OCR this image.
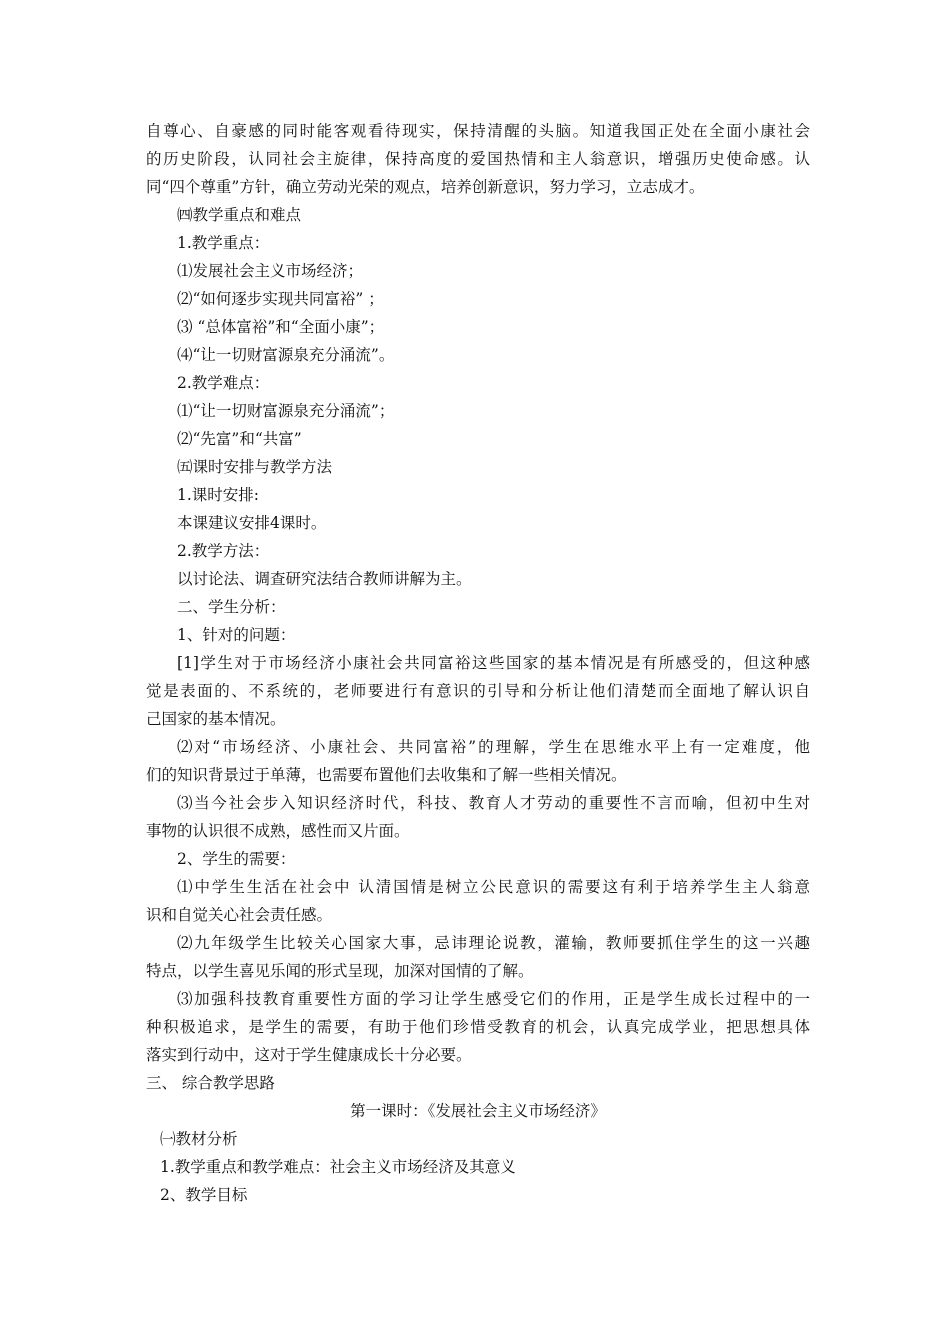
自尊心、自豪感的同时能客观看待现实，保持清醒的头脑。知道我国正处在全面小康社会
的历史阶段，认同社会主旋律，保持高度的爱国热情和主人翁意识，增强历史使命感。认
同“四个尊重”方针，确立劳动光荣的观点，培养创新意识，努力学习，立志成才。
㈣教学重点和难点
1.教学重点：
⑴发展社会主义市场经济；
⑵“如何逐步实现共同富裕” ；
⑶ “总体富裕”和“全面小康”；
⑷“让一切财富源泉充分涌流”。
2.教学难点：
⑴“让一切财富源泉充分涌流”；
⑵“先富”和“共富”
㈤课时安排与教学方法
1.课时安排:
本课建议安排4课时。
2.教学方法：
以讨论法、调查研究法结合教师讲解为主。
二、学生分析：
1、针对的问题：
[1]学生对于市场经济小康社会共同富裕这些国家的基本情况是有所感受的，但这种感
觉是表面的、不系统的，老师要进行有意识的引导和分析让他们清楚而全面地了解认识自
己国家的基本情况。
⑵对“市场经济、小康社会、共同富裕”的理解，学生在思维水平上有一定难度，他
们的知识背景过于单薄，也需要布置他们去收集和了解一些相关情况。
⑶当今社会步入知识经济时代，科技、教育人才劳动的重要性不言而喻，但初中生对
事物的认识很不成熟，感性而又片面。
2、学生的需要：
⑴中学生生活在社会中 认清国情是树立公民意识的需要这有利于培养学生主人翁意
识和自觉关心社会责任感。
⑵九年级学生比较关心国家大事，忌讳理论说教，灌输，教师要抓住学生的这一兴趣
特点，以学生喜见乐闻的形式呈现，加深对国情的了解。
⑶加强科技教育重要性方面的学习让学生感受它们的作用，正是学生成长过程中的一
种积极追求，是学生的需要，有助于他们珍惜受教育的机会，认真完成学业，把思想具体
落实到行动中，这对于学生健康成长十分必要。
三、 综合教学思路
第一课时：《发展社会主义市场经济》
㈠教材分析
1.教学重点和教学难点：社会主义市场经济及其意义
2、教学目标
